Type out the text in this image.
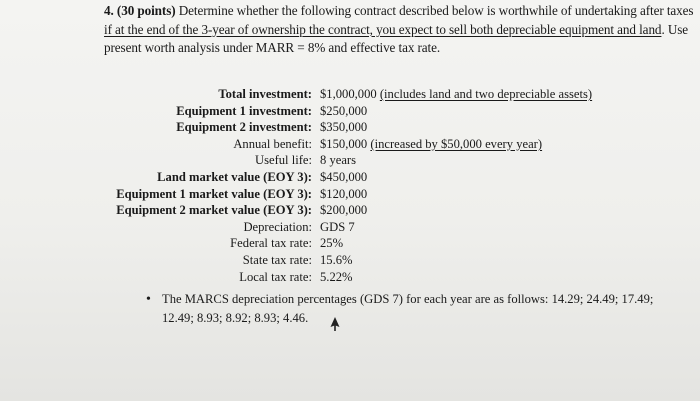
4. (30 points) Determine whether the following contract described below is worthwhile of undertaking after taxes if at the end of the 3-year of ownership the contract, you expect to sell both depreciable equipment and land. Use present worth analysis under MARR = 8% and effective tax rate.
Total investment: $1,000,000 (includes land and two depreciable assets)
Equipment 1 investment: $250,000
Equipment 2 investment: $350,000
Annual benefit: $150,000 (increased by $50,000 every year)
Useful life: 8 years
Land market value (EOY 3): $450,000
Equipment 1 market value (EOY 3): $120,000
Equipment 2 market value (EOY 3): $200,000
Depreciation: GDS 7
Federal tax rate: 25%
State tax rate: 15.6%
Local tax rate: 5.22%
• The MARCS depreciation percentages (GDS 7) for each year are as follows: 14.29; 24.49; 17.49; 12.49; 8.93; 8.92; 8.93; 4.46.
